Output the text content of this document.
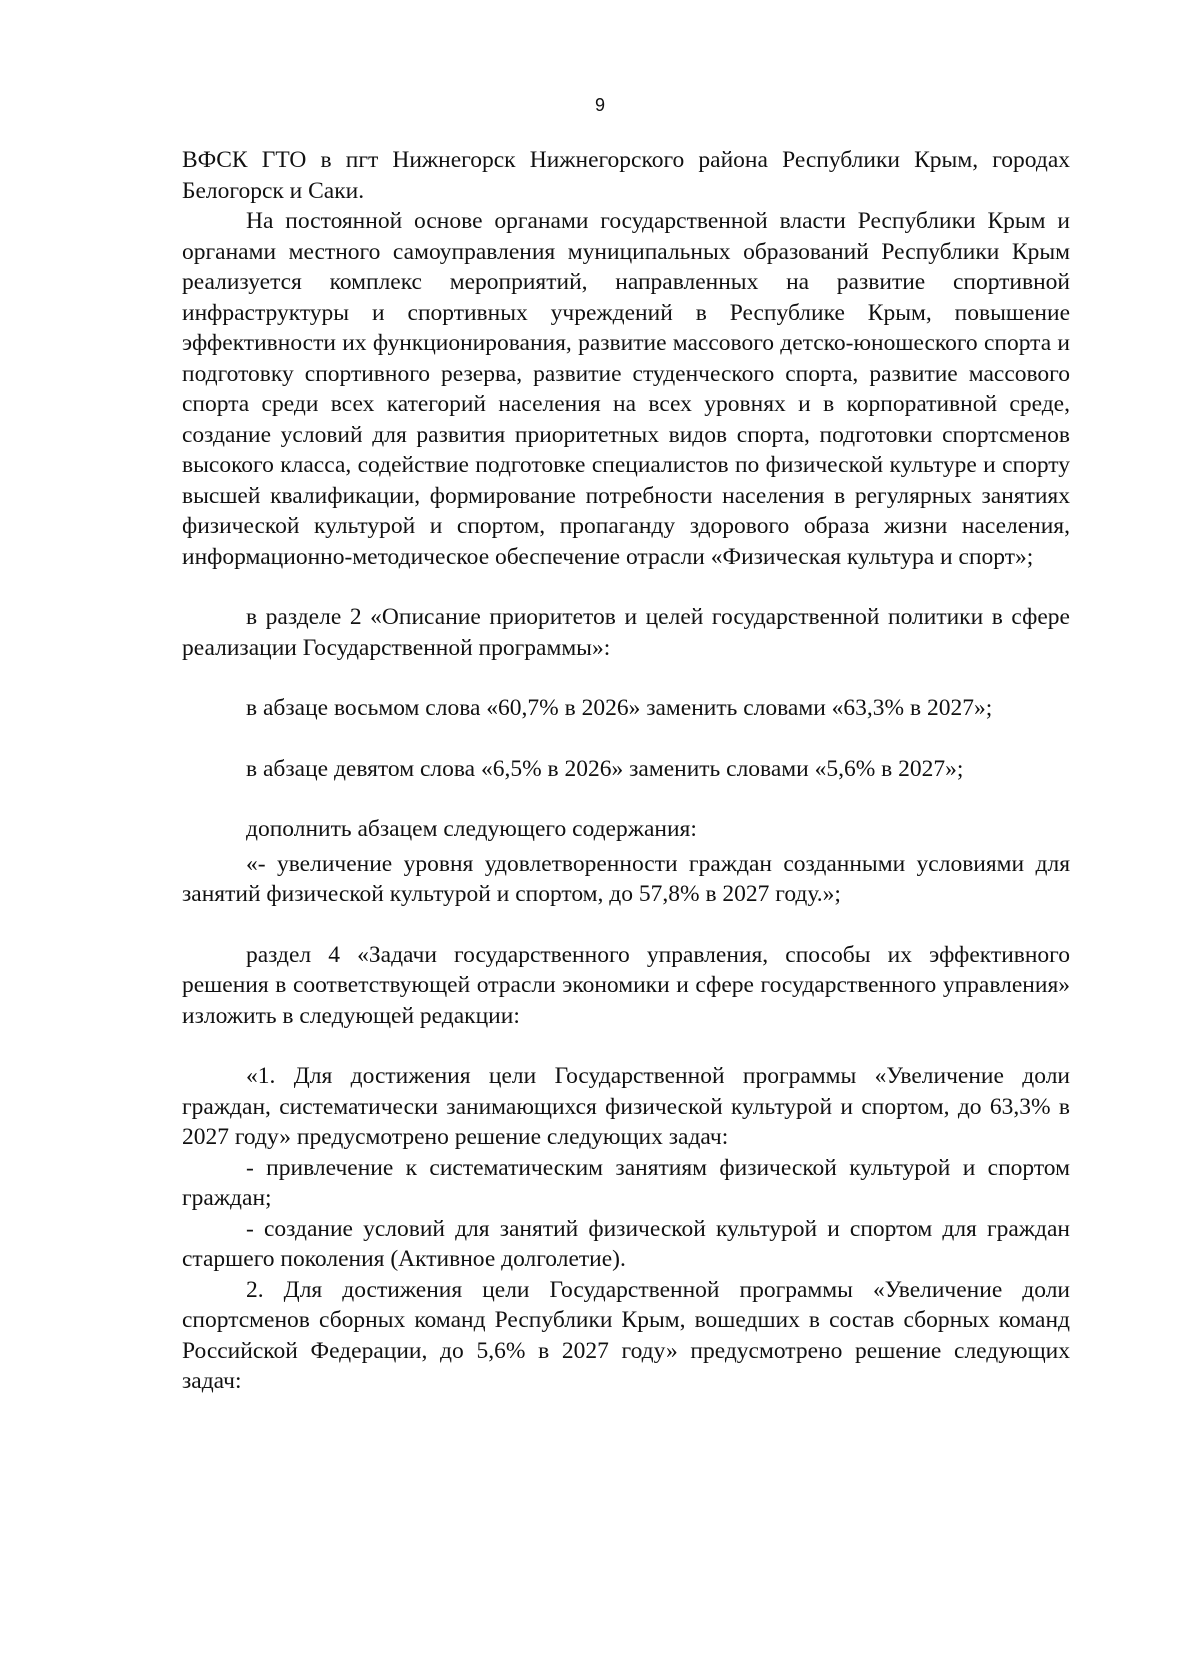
9

ВФСК ГТО в пгт Нижнегорск Нижнегорского района Республики Крым, городах Белогорск и Саки.

На постоянной основе органами государственной власти Республики Крым и органами местного самоуправления муниципальных образований Республики Крым реализуется комплекс мероприятий, направленных на развитие спортивной инфраструктуры и спортивных учреждений в Республике Крым, повышение эффективности их функционирования, развитие массового детско-юношеского спорта и подготовку спортивного резерва, развитие студенческого спорта, развитие массового спорта среди всех категорий населения на всех уровнях и в корпоративной среде, создание условий для развития приоритетных видов спорта, подготовки спортсменов высокого класса, содействие подготовке специалистов по физической культуре и спорту высшей квалификации, формирование потребности населения в регулярных занятиях физической культурой и спортом, пропаганду здорового образа жизни населения, информационно-методическое обеспечение отрасли «Физическая культура и спорт»;

в разделе 2 «Описание приоритетов и целей государственной политики в сфере реализации Государственной программы»:

в абзаце восьмом слова «60,7% в 2026» заменить словами «63,3% в 2027»;

в абзаце девятом слова «6,5% в 2026» заменить словами «5,6% в 2027»;

дополнить абзацем следующего содержания:

«- увеличение уровня удовлетворенности граждан созданными условиями для занятий физической культурой и спортом, до 57,8% в 2027 году.»;

раздел 4 «Задачи государственного управления, способы их эффективного решения в соответствующей отрасли экономики и сфере государственного управления» изложить в следующей редакции:

«1. Для достижения цели Государственной программы «Увеличение доли граждан, систематически занимающихся физической культурой и спортом, до 63,3% в 2027 году» предусмотрено решение следующих задач:

- привлечение к систематическим занятиям физической культурой и спортом граждан;

- создание условий для занятий физической культурой и спортом для граждан старшего поколения (Активное долголетие).

2. Для достижения цели Государственной программы «Увеличение доли спортсменов сборных команд Республики Крым, вошедших в состав сборных команд Российской Федерации, до 5,6% в 2027 году» предусмотрено решение следующих задач:
